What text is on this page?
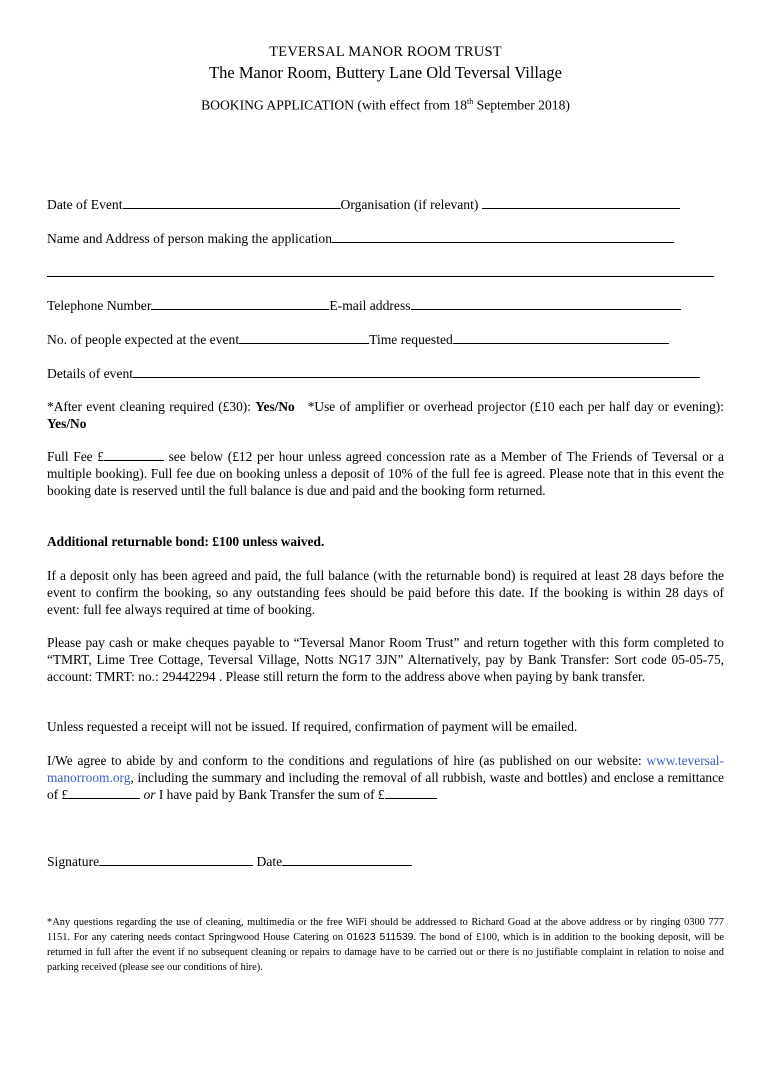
TEVERSAL MANOR ROOM TRUST
The Manor Room, Buttery Lane Old Teversal Village
BOOKING APPLICATION (with effect from 18th September 2018)
Date of Event	Organisation (if relevant)
Name and Address of person making the application
Telephone Number	E-mail address
No. of people expected at the event	Time requested
Details of event

*After event cleaning required (£30): Yes/No *Use of amplifier or overhead projector (£10 each per half day or evening): Yes/No

Full Fee £	see below (£12 per hour unless agreed concession rate as a Member of The Friends of Teversal or a multiple booking). Full fee due on booking unless a deposit of 10% of the full fee is agreed. Please note that in this event the booking date is reserved until the full balance is due and paid and the booking form returned.

Additional returnable bond: £100 unless waived.

If a deposit only has been agreed and paid, the full balance (with the returnable bond) is required at least 28 days before the event to confirm the booking, so any outstanding fees should be paid before this date. If the booking is within 28 days of event: full fee always required at time of booking.

Please pay cash or make cheques payable to “Teversal Manor Room Trust” and return together with this form completed to “TMRT, Lime Tree Cottage, Teversal Village, Notts NG17 3JN” Alternatively, pay by Bank Transfer: Sort code 05-05-75, account: TMRT: no.: 29442294 . Please still return the form to the address above when paying by bank transfer.

Unless requested a receipt will not be issued. If required, confirmation of payment will be emailed.

I/We agree to abide by and conform to the conditions and regulations of hire (as published on our website: www.teversal-manorroom.org, including the summary and including the removal of all rubbish, waste and bottles) and enclose a remittance of £	or I have paid by Bank Transfer the sum of £

Signature	Date

*Any questions regarding the use of cleaning, multimedia or the free WiFi should be addressed to Richard Goad at the above address or by ringing 0300 777 1151. For any catering needs contact Springwood House Catering on 01623 511539. The bond of £100, which is in addition to the booking deposit, will be returned in full after the event if no subsequent cleaning or repairs to damage have to be carried out or there is no justifiable complaint in relation to noise and parking received (please see our conditions of hire).
